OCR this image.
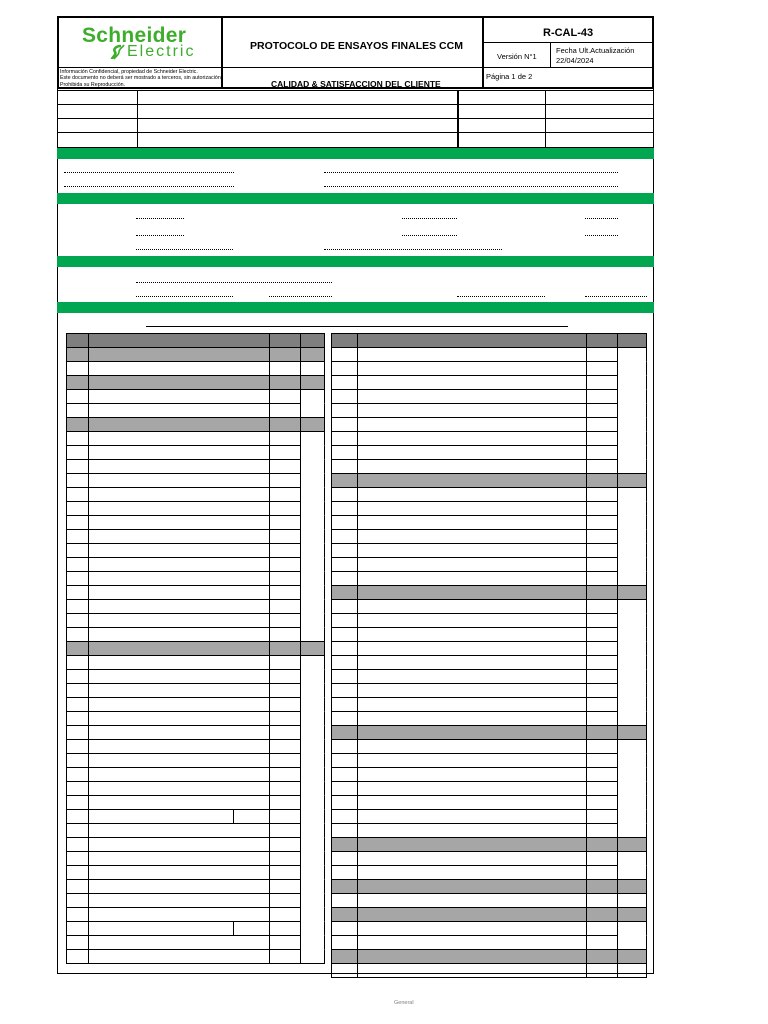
Schneider
Electric
Información Confidencial, propiedad de Schneider Electric.
Este documento no deberá ser mostrado a terceros, sin autorización.
Prohibida su Reproducción.
PROTOCOLO DE ENSAYOS FINALES CCM
CALIDAD & SATISFACCION DEL CLIENTE
R-CAL-43
Versión N°1
Fecha Ult.Actualización
22/04/2024
Página 1 de 2
General
